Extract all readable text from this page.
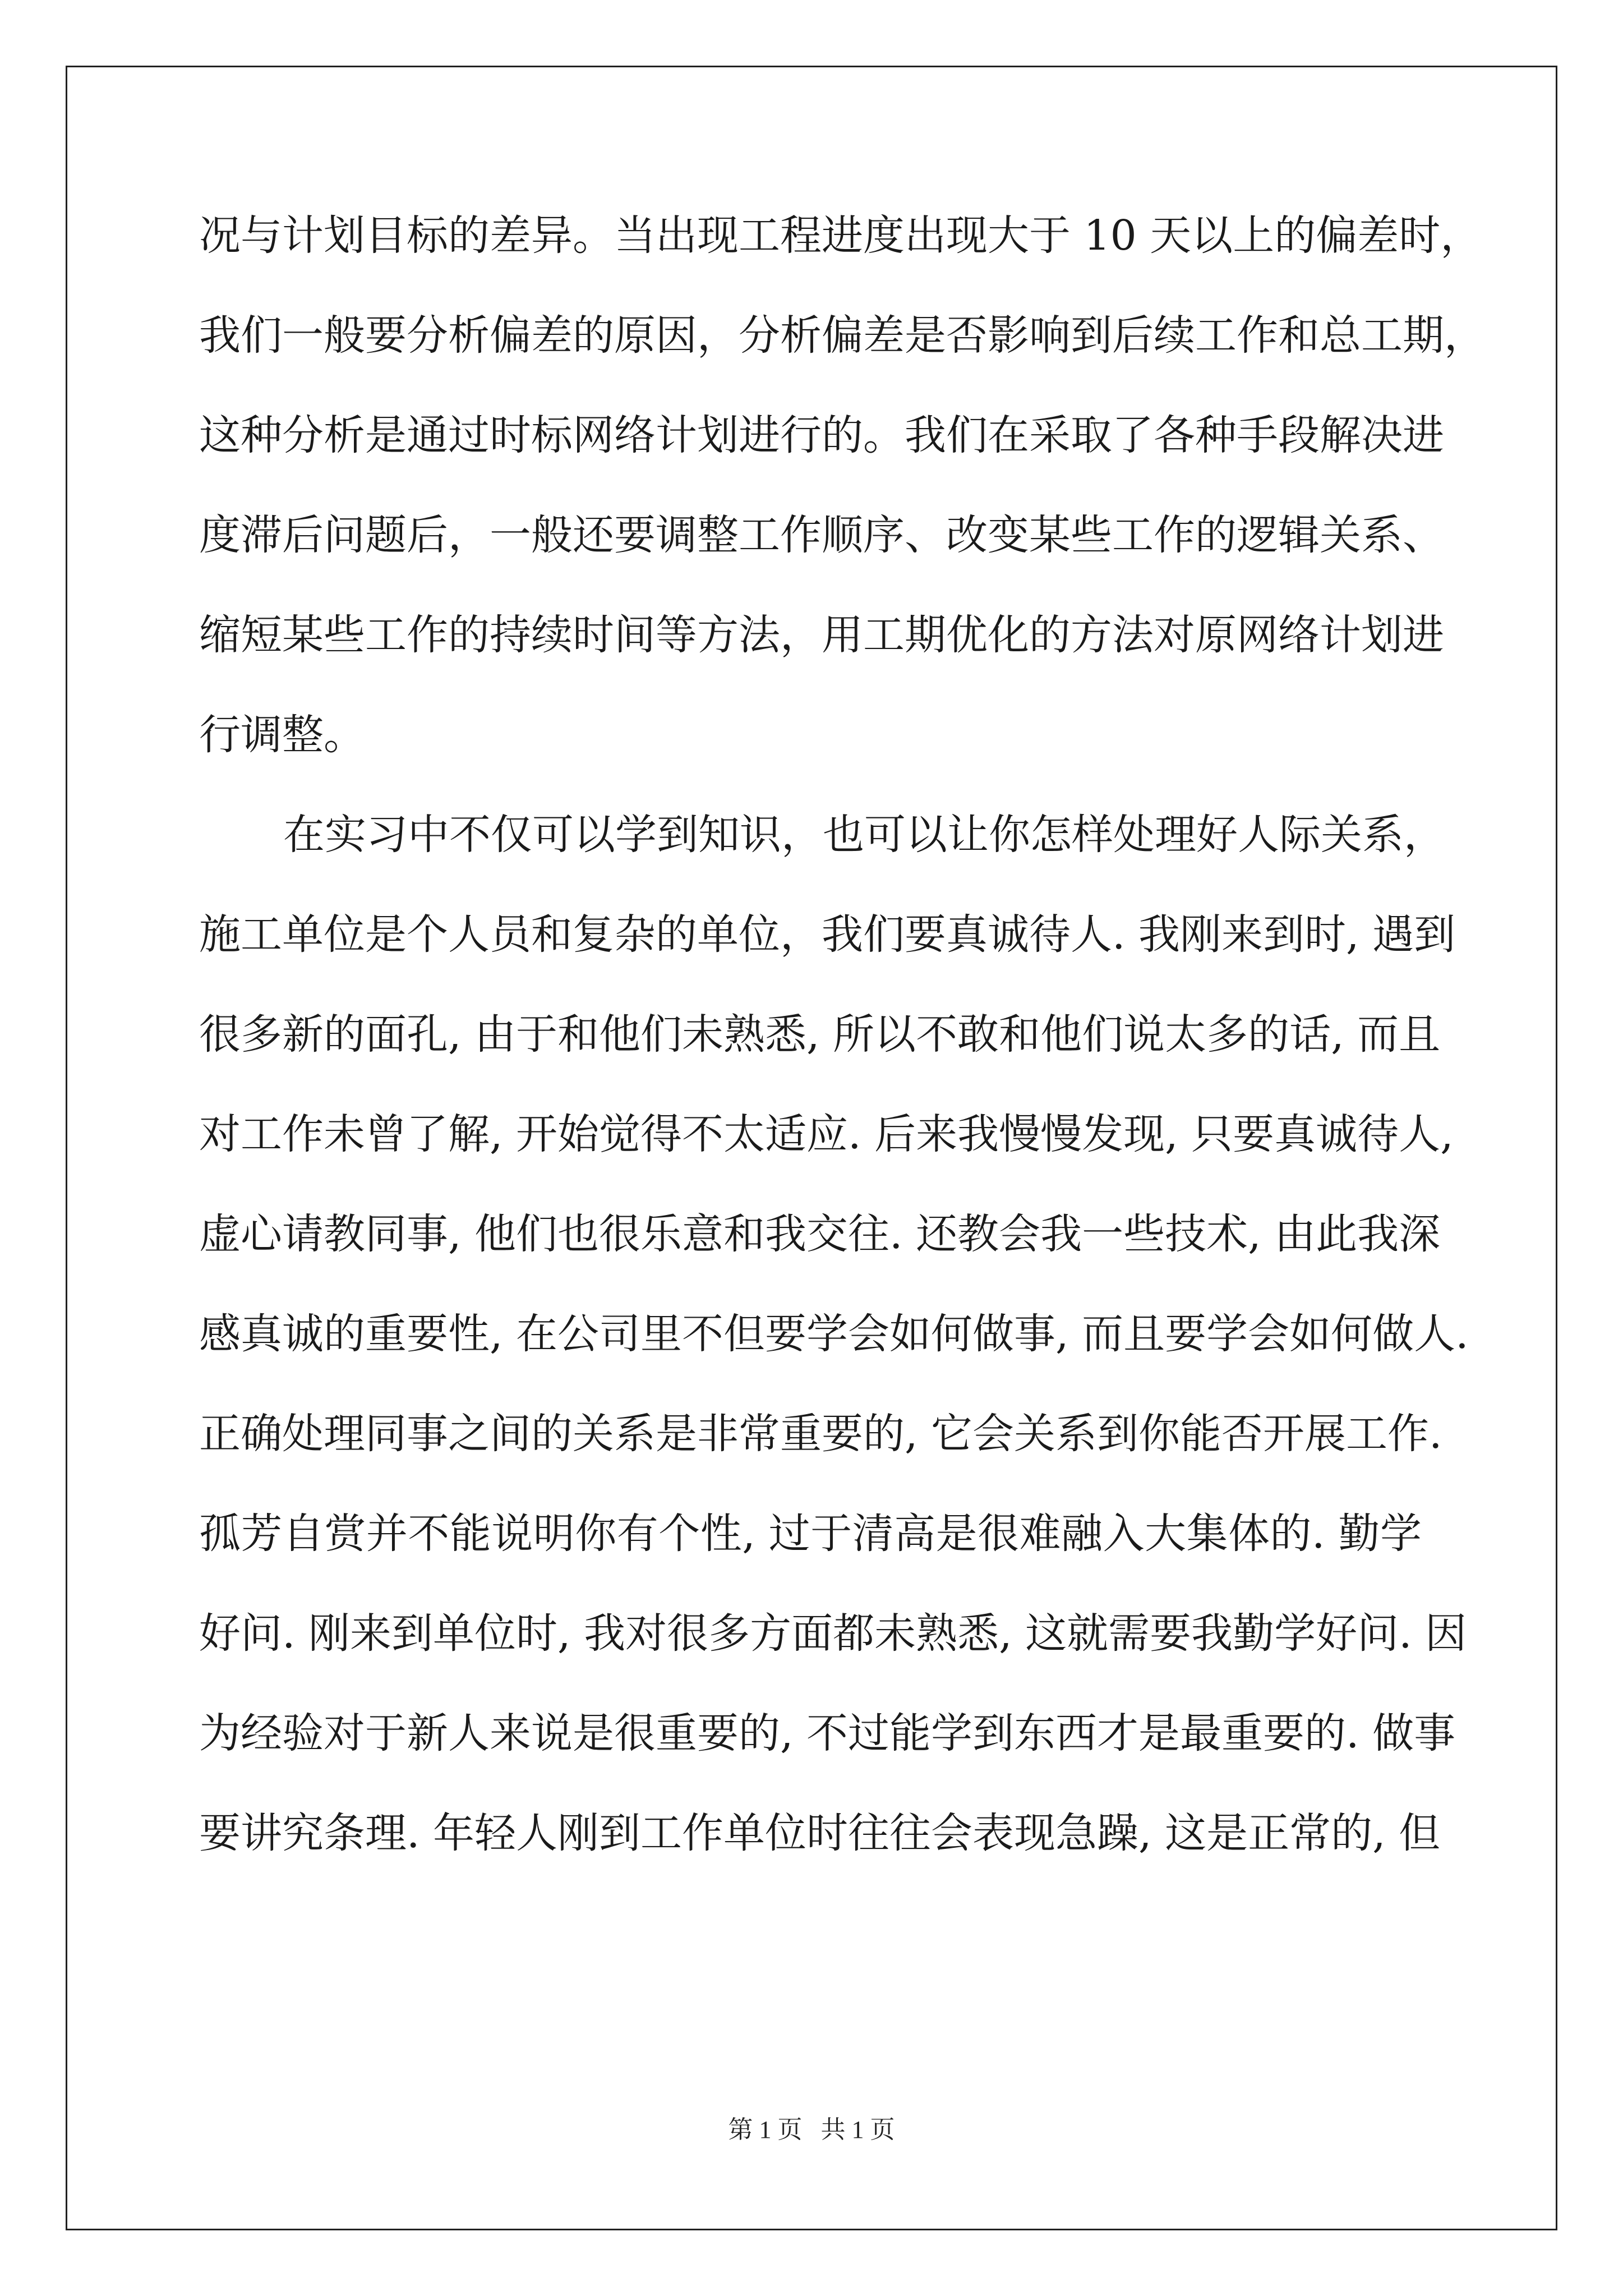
况与计划目标的差异。当出现工程进度出现大于 10 天以上的偏差时，
我们一般要分析偏差的原因，分析偏差是否影响到后续工作和总工期，
这种分析是通过时标网络计划进行的。我们在采取了各种手段解决进
度滞后问题后，一般还要调整工作顺序、改变某些工作的逻辑关系、
缩短某些工作的持续时间等方法，用工期优化的方法对原网络计划进
行调整。
在实习中不仅可以学到知识，也可以让你怎样处理好人际关系，
施工单位是个人员和复杂的单位，我们要真诚待人. 我刚来到时, 遇到
很多新的面孔, 由于和他们未熟悉, 所以不敢和他们说太多的话, 而且
对工作未曾了解, 开始觉得不太适应. 后来我慢慢发现, 只要真诚待人,
虚心请教同事, 他们也很乐意和我交往. 还教会我一些技术, 由此我深
感真诚的重要性, 在公司里不但要学会如何做事, 而且要学会如何做人.
正确处理同事之间的关系是非常重要的, 它会关系到你能否开展工作.
孤芳自赏并不能说明你有个性, 过于清高是很难融入大集体的. 勤学
好问. 刚来到单位时, 我对很多方面都未熟悉, 这就需要我勤学好问. 因
为经验对于新人来说是很重要的, 不过能学到东西才是最重要的. 做事
要讲究条理. 年轻人刚到工作单位时往往会表现急躁, 这是正常的, 但
第 1 页 共 1 页
